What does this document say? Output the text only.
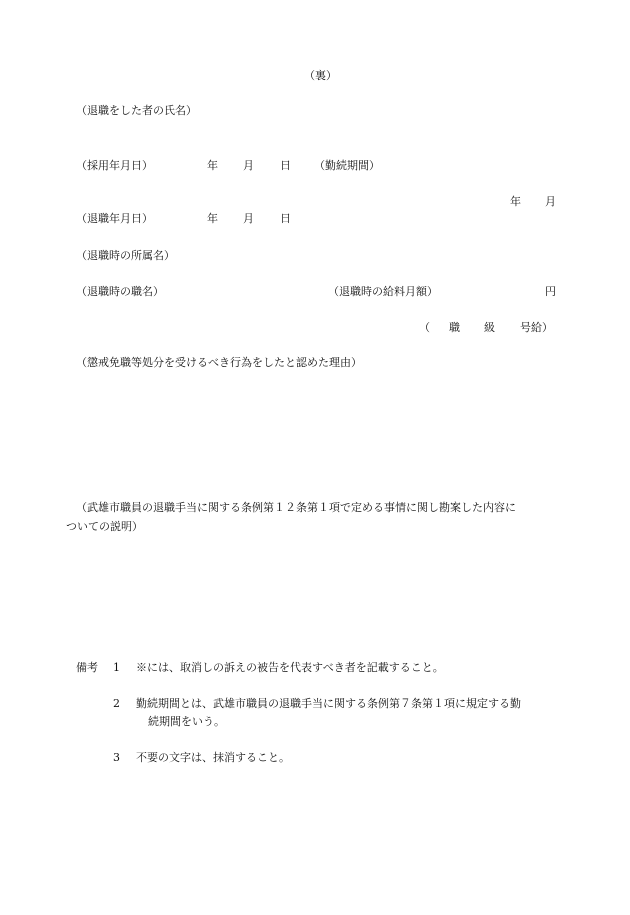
（裏）
（退職をした者の氏名）
（採用年月日）	年 月 日 （勤続期間）
年 月
（退職年月日）	年 月 日
（退職時の所属名）
（退職時の職名）	（退職時の給料月額）	円
（ 職 級 号給）
（懲戒免職等処分を受けるべき行為をしたと認めた理由）
（武雄市職員の退職手当に関する条例第１２条第１項で定める事情に関し勘案した内容に
ついての説明）
備考 1 ※には、取消しの訴えの被告を代表すべき者を記載すること。
2 勤続期間とは、武雄市職員の退職手当に関する条例第７条第１項に規定する勤
続期間をいう。
3 不要の文字は、抹消すること。
